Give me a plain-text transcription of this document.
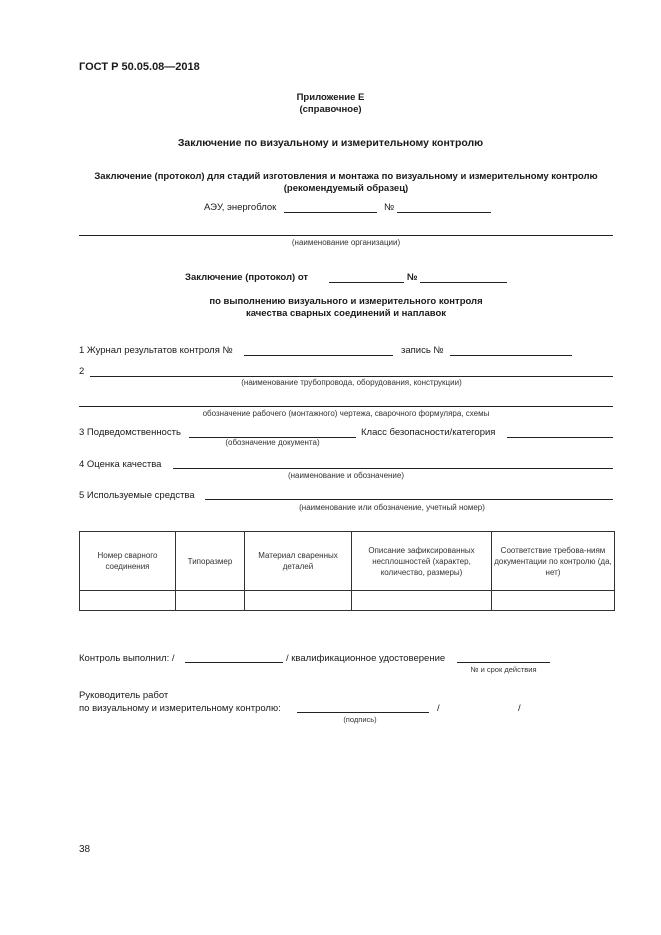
ГОСТ Р 50.05.08—2018
Приложение Е
(справочное)
Заключение по визуальному и измерительному контролю
Заключение (протокол) для стадий изготовления и монтажа по визуальному и измерительному контролю
(рекомендуемый образец)
АЭУ, энергоблок	№
(наименование организации)
Заключение (протокол) от	№
по выполнению визуального и измерительного контроля
качества сварных соединений и наплавок
1 Журнал результатов контроля №	запись №
2
(наименование трубопровода, оборудования, конструкции)
обозначение рабочего (монтажного) чертежа, сварочного формуляра, схемы
3 Подведомственность	Класс безопасности/категория
(обозначение документа)
4 Оценка качества
(наименование и обозначение)
5 Используемые средства
(наименование или обозначение, учетный номер)
Номер сварного соединения	Типоразмер	Материал свaренных деталей	Описание зафиксированных несплошностей (характер, количество, размеры)	Соответствие требова-ниям документации по контролю (да, нет)

Контроль выполнил: /	/ квалификационное удостоверение
№ и срок действия
Руководитель работ
по визуальному и измерительному контролю:	/	/
(подпись)
38
